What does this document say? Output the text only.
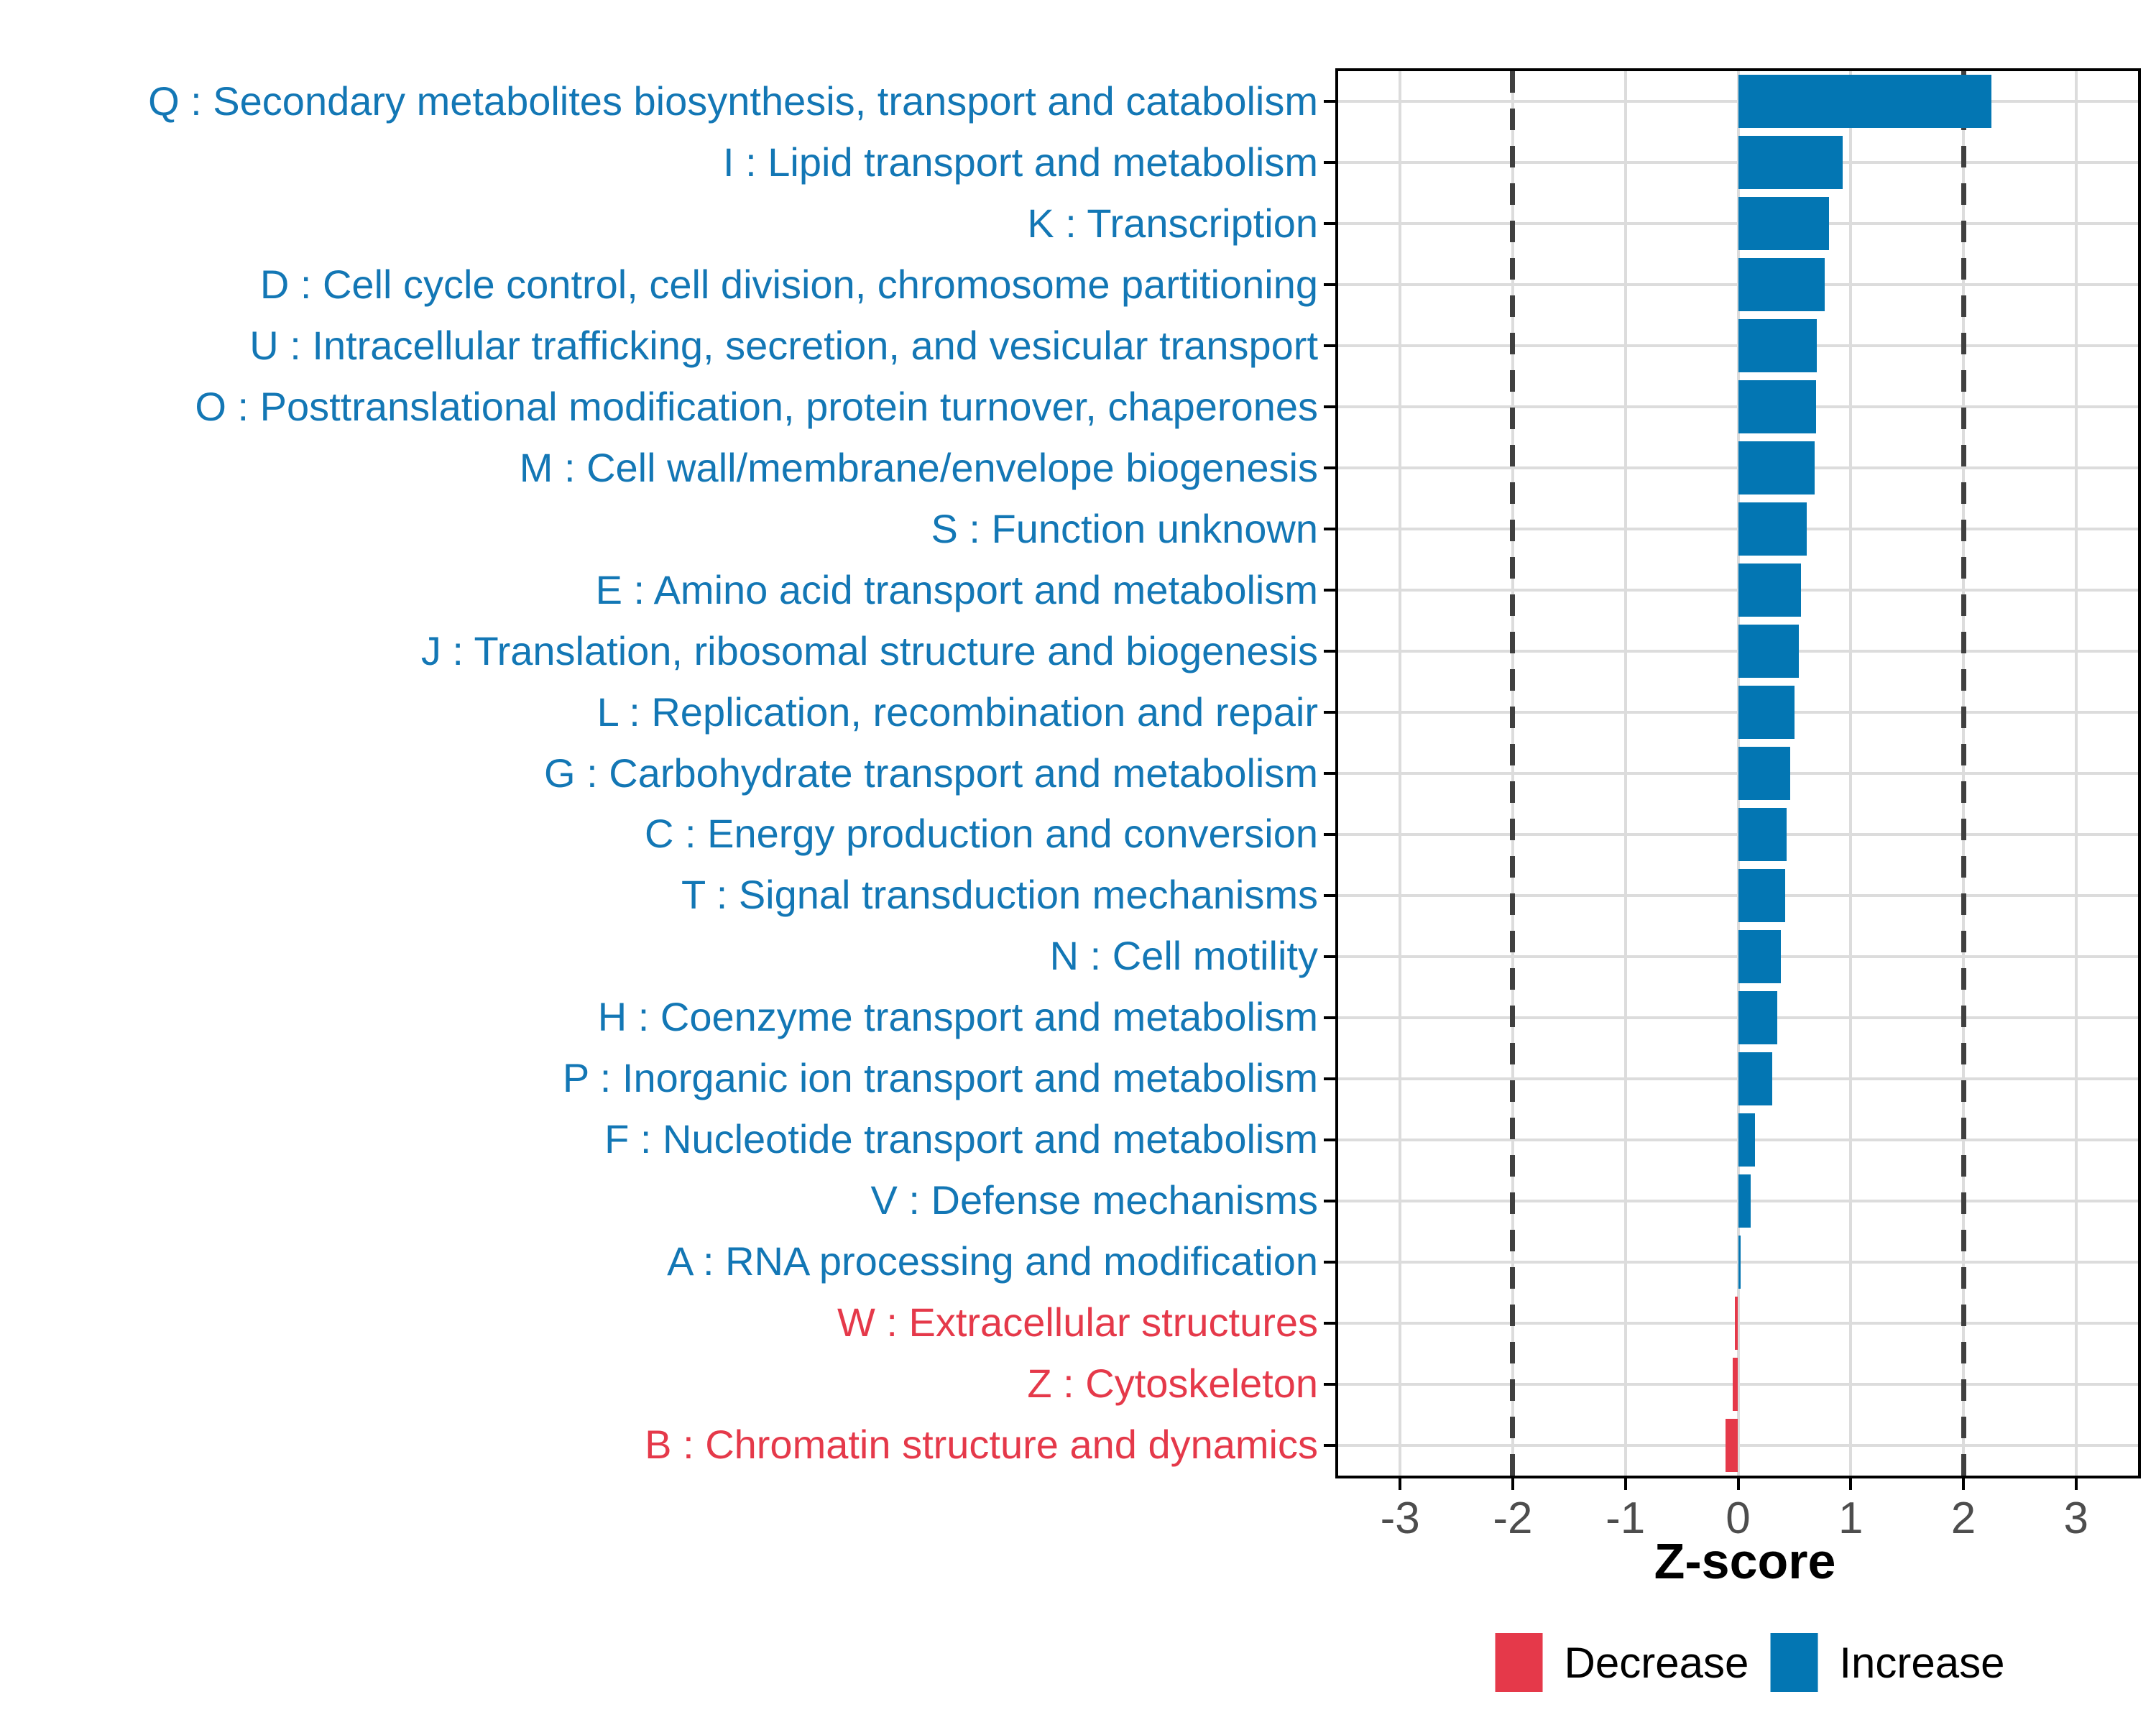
Z-score
Decrease Increase
Q : Secondary metabolites biosynthesis, transport and catabolism
I : Lipid transport and metabolism
K : Transcription
D : Cell cycle control, cell division, chromosome partitioning
U : Intracellular trafficking, secretion, and vesicular transport
O : Posttranslational modification, protein turnover, chaperones
M : Cell wall/membrane/envelope biogenesis
S : Function unknown
E : Amino acid transport and metabolism
J : Translation, ribosomal structure and biogenesis
L : Replication, recombination and repair
G : Carbohydrate transport and metabolism
C : Energy production and conversion
T : Signal transduction mechanisms
N : Cell motility
H : Coenzyme transport and metabolism
P : Inorganic ion transport and metabolism
F : Nucleotide transport and metabolism
V : Defense mechanisms
A : RNA processing and modification
W : Extracellular structures
Z : Cytoskeleton
B : Chromatin structure and dynamics
-3	-2	-1	0	1	2	3
